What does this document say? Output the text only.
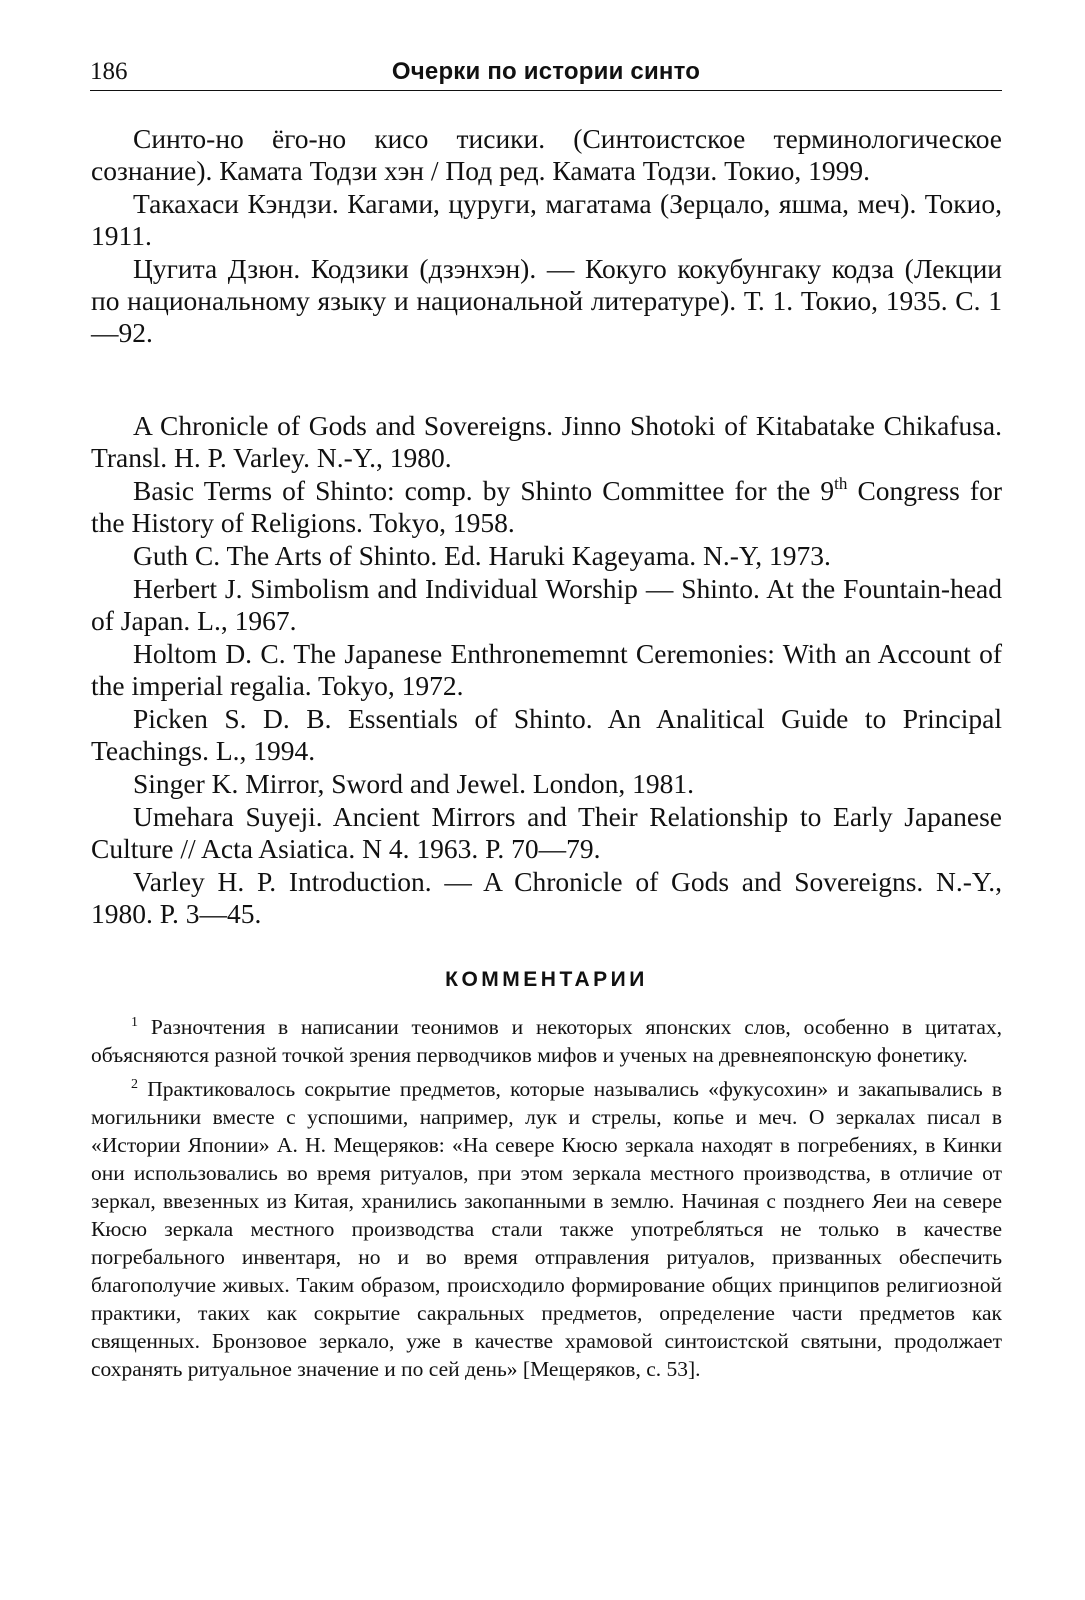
186	Очерки по истории синто

Синто-но ёго-но кисо тисики. (Синтоистское терминологическое сознание). Камата Тодзи хэн / Под ред. Камата Тодзи. Токио, 1999.

Такахаси Кэндзи. Кагами, цуруги, магатама (Зерцало, яшма, меч). Токио, 1911.

Цугита Дзюн. Кодзики (дзэнхэн). — Кокуго кокубунгаку кодза (Лекции по национальному языку и национальной литературе). Т. 1. Токио, 1935. С. 1—92.

A Chronicle of Gods and Sovereigns. Jinno Shotoki of Kitabatake Chikafusa. Transl. H. P. Varley. N.-Y., 1980.

Basic Terms of Shinto: comp. by Shinto Committee for the 9th Congress for the History of Religions. Tokyo, 1958.

Guth C. The Arts of Shinto. Ed. Haruki Kageyama. N.-Y, 1973.

Herbert J. Simbolism and Individual Worship — Shinto. At the Fountain-head of Japan. L., 1967.

Holtom D. C. The Japanese Enthronememnt Ceremonies: With an Account of the imperial regalia. Tokyo, 1972.

Picken S. D. B. Essentials of Shinto. An Analitical Guide to Principal Teachings. L., 1994.

Singer K. Mirror, Sword and Jewel. London, 1981.

Umehara Suyeji. Ancient Mirrors and Their Relationship to Early Japanese Culture // Acta Asiatica. N 4. 1963. P. 70—79.

Varley H. P. Introduction. — A Chronicle of Gods and Sovereigns. N.-Y., 1980. P. 3—45.

КОММЕНТАРИИ

$^1$ Разночтения в написании теонимов и некоторых японских слов, особенно в цитатах, объясняются разной точкой зрения перводчиков мифов и ученых на древнеяпонскую фонетику.

$^2$ Практиковалось сокрытие предметов, которые назывались «фукусохин» и закапывались в могильники вместе с успошими, например, лук и стрелы, копье и меч. О зеркалах писал в «Истории Японии» А. Н. Мещеряков: «На севере Кюсю зеркала находят в погребениях, в Кинки они использовались во время ритуалов, при этом зеркала местного производства, в отличие от зеркал, ввезенных из Китая, хранились закопанными в землю. Начиная с позднего Яеи на севере Кюсю зеркала местного производства стали также употребляться не только в качестве погребального инвентаря, но и во время отправления ритуалов, призванных обеспечить благополучие живых. Таким образом, происходило формирование общих принципов религиозной практики, таких как сокрытие сакральных предметов, определение части предметов как священных. Бронзовое зеркало, уже в качестве храмовой синтоистской святыни, продолжает сохранять ритуальное значение и по сей день» [Мещеряков, с. 53].
